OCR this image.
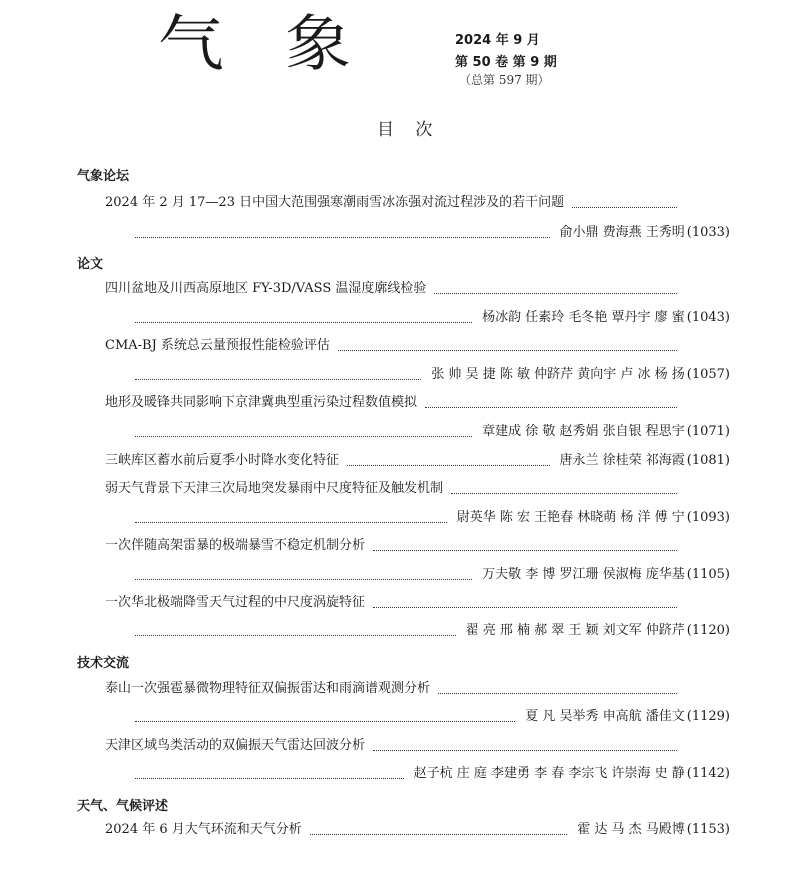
气 象	2024 年 9 月
第 50 卷 第 9 期
（总第 597 期）
目 次
气象论坛
2024 年 2 月 17—23 日中国大范围强寒潮雨雪冰冻强对流过程涉及的若干问题
俞小鼎 费海燕 王秀明 (1033)
论文
四川盆地及川西高原地区 FY-3D/VASS 温湿度廓线检验
杨冰韵 任素玲 毛冬艳 覃丹宇 廖 蜜 (1043)
CMA-BJ 系统总云量预报性能检验评估
张 帅 吴 捷 陈 敏 仲跻芹 黄向宇 卢 冰 杨 扬 (1057)
地形及暖锋共同影响下京津冀典型重污染过程数值模拟
章建成 徐 敬 赵秀娟 张自银 程思宇 (1071)
三峡库区蓄水前后夏季小时降水变化特征	唐永兰 徐桂荣 祁海霞 (1081)
弱天气背景下天津三次局地突发暴雨中尺度特征及触发机制
尉英华 陈 宏 王艳春 林晓萌 杨 洋 傅 宁 (1093)
一次伴随高架雷暴的极端暴雪不稳定机制分析
万夫敬 李 博 罗江珊 侯淑梅 庞华基 (1105)
一次华北极端降雪天气过程的中尺度涡旋特征
翟 亮 邢 楠 郝 翠 王 颖 刘文军 仲跻芹 (1120)
技术交流
泰山一次强雹暴微物理特征双偏振雷达和雨滴谱观测分析
夏 凡 吴举秀 申高航 潘佳文 (1129)
天津区域鸟类活动的双偏振天气雷达回波分析
赵子杭 庄 庭 李建勇 李 春 李宗飞 许崇海 史 静 (1142)
天气、气候评述
2024 年 6 月大气环流和天气分析	霍 达 马 杰 马殿博 (1153)
